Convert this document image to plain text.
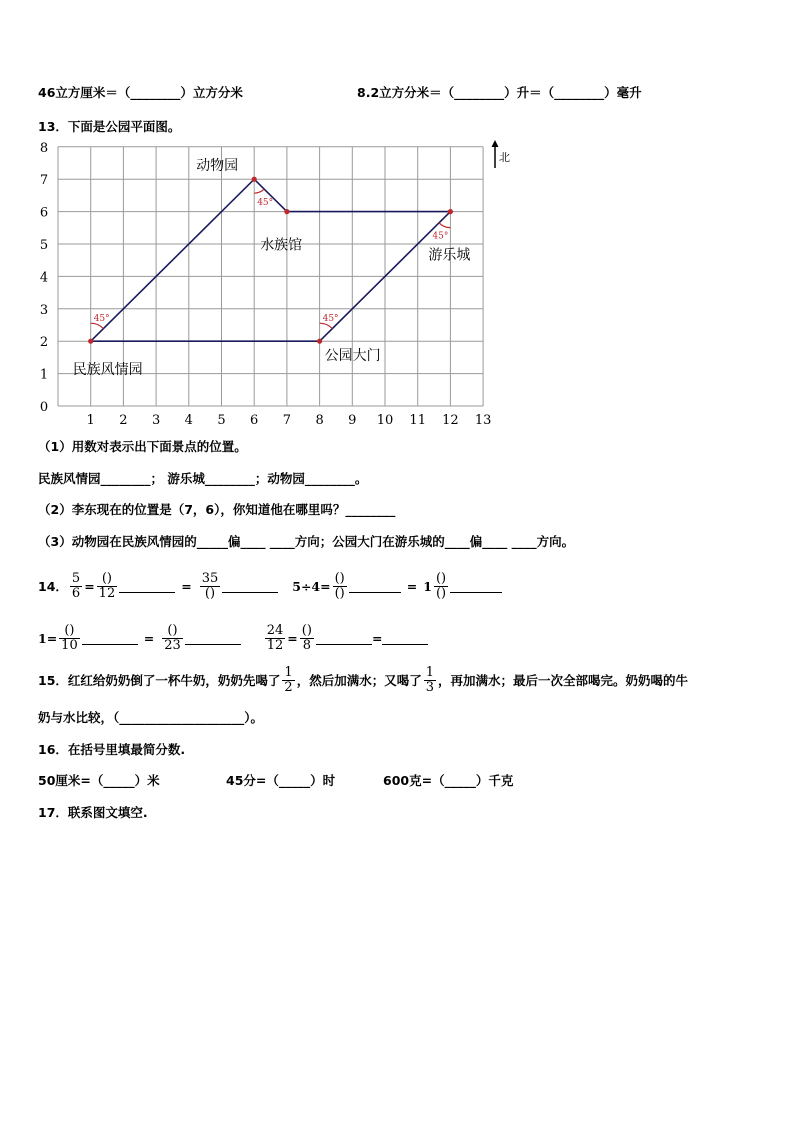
46立方厘米＝（________）立方分米	8.2立方分米＝（________）升＝（________）毫升
13．下面是公园平面图。
1 2 3 4 5 6 7 8 9 10 11 12 13
0
1
2
3
4
5
6
7
8
45°	45°
45°
45°
动物园
水族馆
游乐城
民族风情园
公园大门
北
（1）用数对表示出下面景点的位置。
民族风情园________； 游乐城________；动物园________。
（2）李东现在的位置是（7，6），你知道他在哪里吗？________
（3）动物园在民族风情园的_____偏____ ____方向；公园大门在游乐城的____偏____ ____方向。
14． $\frac{5}{6} = \frac{()}{12}$	= $\frac{35}{()}$	$5\div 4= \frac{()}{()}$	= $1 \frac{()}{()}$
$1= \frac{()}{10}$	= $\frac{()}{23}$	$\frac{24}{12} = \frac{()}{8}$	=
15．红红给奶奶倒了一杯牛奶，奶奶先喝了 $\frac{1}{2}$ ，然后加满水；又喝了 $\frac{1}{3}$ ，再加满水；最后一次全部喝完。奶奶喝的牛
奶与水比较，（____________________）。
16．在括号里填最简分数.
50厘米=（_____）米	45分=（_____）时	600克=（_____）千克
17．联系图文填空.
